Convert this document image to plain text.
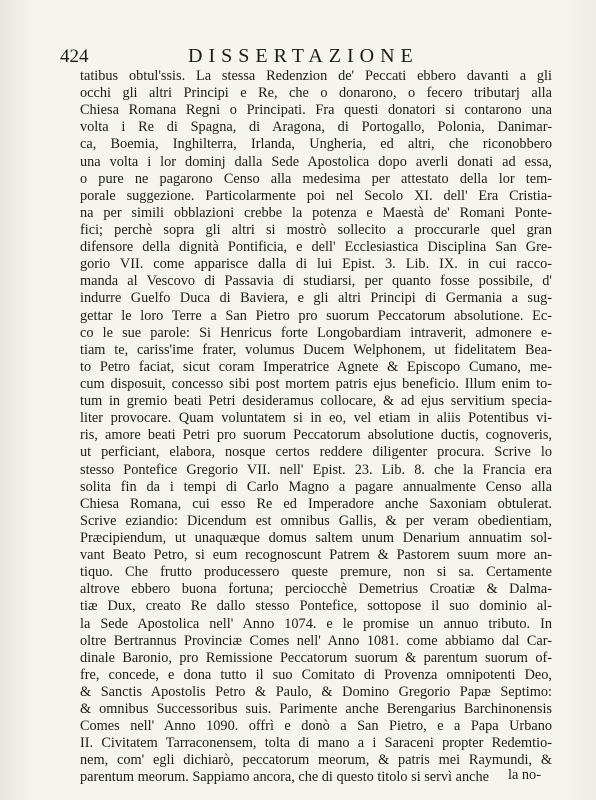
424	DISSERTAZIONE
tatibus obtul'ssis. La stessa Redenzion de' Peccati ebbero davanti a gli
occhi gli altri Principi e Re, che o donarono, o fecero tributarj alla
Chiesa Romana Regni o Principati. Fra questi donatori si contarono una
volta i Re di Spagna, di Aragona, di Portogallo, Polonia, Danimar-
ca, Boemia, Inghilterra, Irlanda, Ungheria, ed altri, che riconobbero
una volta i lor dominj dalla Sede Apostolica dopo averli donati ad essa,
o pure ne pagarono Censo alla medesima per attestato della lor tem-
porale suggezione. Particolarmente poi nel Secolo XI. dell' Era Cristia-
na per simili obblazioni crebbe la potenza e Maestà de' Romani Ponte-
fici; perchè sopra gli altri si mostrò sollecito a proccurarle quel gran
difensore della dignità Pontificia, e dell' Ecclesiastica Disciplina San Gre-
gorio VII. come apparisce dalla di lui Epist. 3. Lib. IX. in cui racco-
manda al Vescovo di Passavia di studiarsi, per quanto fosse possibile, d'
indurre Guelfo Duca di Baviera, e gli altri Principi di Germania a sug-
gettar le loro Terre a San Pietro pro suorum Peccatorum absolutione. Ec-
co le sue parole: Si Henricus forte Longobardiam intraverit, admonere e-
tiam te, cariss'ime frater, volumus Ducem Welphonem, ut fidelitatem Bea-
to Petro faciat, sicut coram Imperatrice Agnete & Episcopo Cumano, me-
cum disposuit, concesso sibi post mortem patris ejus beneficio. Illum enim to-
tum in gremio beati Petri desideramus collocare, & ad ejus servitium specia-
liter provocare. Quam voluntatem si in eo, vel etiam in aliis Potentibus vi-
ris, amore beati Petri pro suorum Peccatorum absolutione ductis, cognoveris,
ut perficiant, elabora, nosque certos reddere diligenter procura. Scrive lo
stesso Pontefice Gregorio VII. nell' Epist. 23. Lib. 8. che la Francia era
solita fin da i tempi di Carlo Magno a pagare annualmente Censo alla
Chiesa Romana, cui esso Re ed Imperadore anche Saxoniam obtulerat.
Scrive eziandio: Dicendum est omnibus Gallis, & per veram obedientiam,
Præcipiendum, ut unaquæque domus saltem unum Denarium annuatim sol-
vant Beato Petro, si eum recognoscunt Patrem & Pastorem suum more an-
tiquo. Che frutto producessero queste premure, non si sa. Certamente
altrove ebbero buona fortuna; perciocchè Demetrius Croatiæ & Dalma-
tiæ Dux, creato Re dallo stesso Pontefice, sottopose il suo dominio al-
la Sede Apostolica nell' Anno 1074. e le promise un annuo tributo. In
oltre Bertrannus Provinciæ Comes nell' Anno 1081. come abbiamo dal Car-
dinale Baronio, pro Remissione Peccatorum suorum & parentum suorum of-
fre, concede, e dona tutto il suo Comitato di Provenza omnipotenti Deo,
& Sanctis Apostolis Petro & Paulo, & Domino Gregorio Papæ Septimo:
& omnibus Successoribus suis. Parimente anche Berengarius Barchinonensis
Comes nell' Anno 1090. offrì e donò a San Pietro, e a Papa Urbano
II. Civitatem Tarraconensem, tolta di mano a i Saraceni propter Redemtio-
nem, com' egli dichiarò, peccatorum meorum, & patris mei Raymundi, &
parentum meorum. Sappiamo ancora, che di questo titolo si servì anche	la no-
